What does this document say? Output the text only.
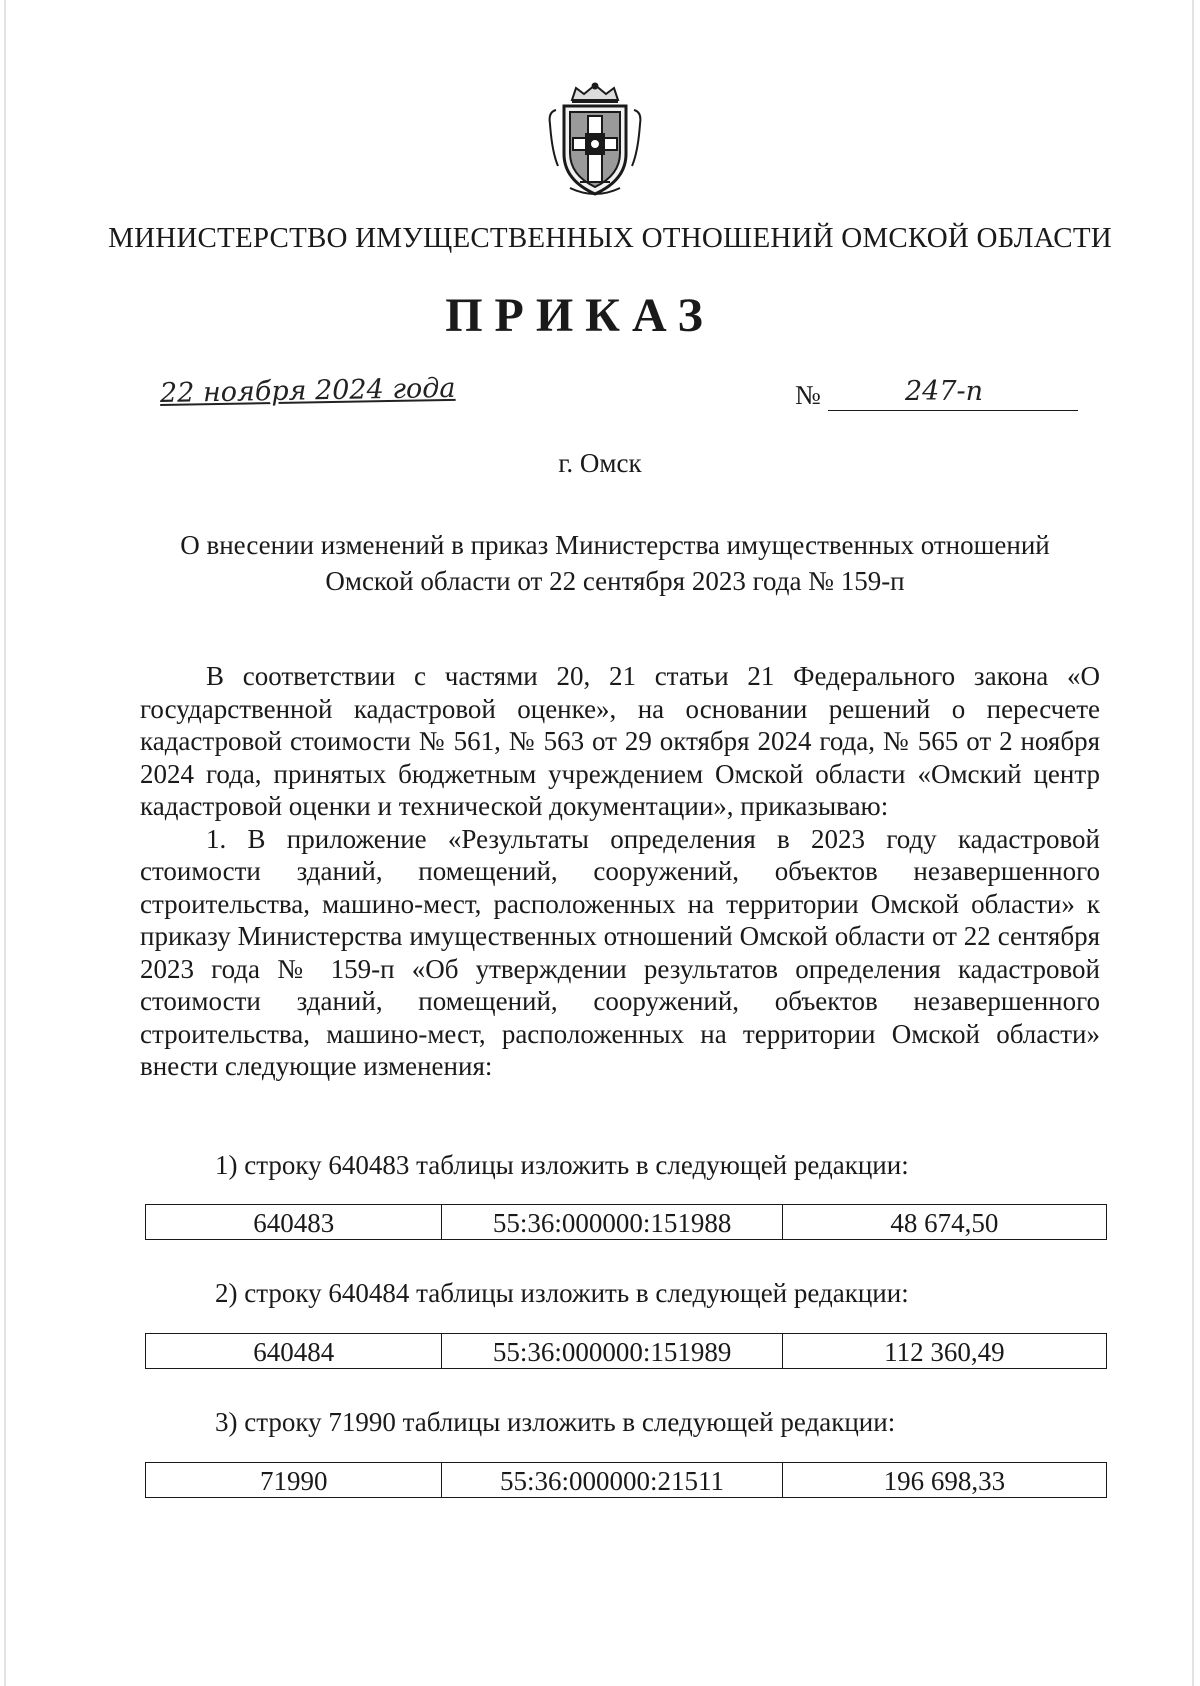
МИНИСТЕРСТВО ИМУЩЕСТВЕННЫХ ОТНОШЕНИЙ ОМСКОЙ ОБЛАСТИ
ПРИКАЗ
22 ноября 2024 года	№	247-п
г. Омск
О внесении изменений в приказ Министерства имущественных отношений
Омской области от 22 сентября 2023 года № 159-п

В соответствии с частями 20, 21 статьи 21 Федерального закона «О государственной кадастровой оценке», на основании решений о пересчете кадастровой стоимости № 561, № 563 от 29 октября 2024 года, № 565 от 2 ноября 2024 года, принятых бюджетным учреждением Омской области «Омский центр кадастровой оценки и технической документации», приказываю:

1. В приложение «Результаты определения в 2023 году кадастровой стоимости зданий, помещений, сооружений, объектов незавершенного строительства, машино-мест, расположенных на территории Омской области» к приказу Министерства имущественных отношений Омской области от 22 сентября 2023 года № 159-п «Об утверждении результатов определения кадастровой стоимости зданий, помещений, сооружений, объектов незавершенного строительства, машино-мест, расположенных на территории Омской области» внести следующие изменения:

1) строку 640483 таблицы изложить в следующей редакции:
640483	55:36:000000:151988	48 674,50
2) строку 640484 таблицы изложить в следующей редакции:
640484	55:36:000000:151989	112 360,49
3) строку 71990 таблицы изложить в следующей редакции:
71990	55:36:000000:21511	196 698,33
